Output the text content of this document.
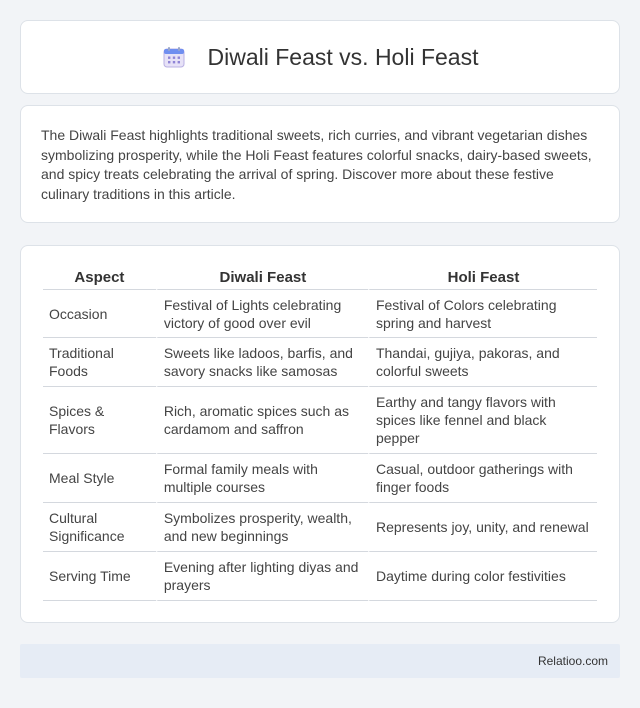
Diwali Feast vs. Holi Feast

The Diwali Feast highlights traditional sweets, rich curries, and vibrant vegetarian dishes symbolizing prosperity, while the Holi Feast features colorful snacks, dairy-based sweets, and spicy treats celebrating the arrival of spring. Discover more about these festive culinary traditions in this article.

Aspect	Diwali Feast	Holi Feast
Occasion	Festival of Lights celebrating victory of good over evil	Festival of Colors celebrating spring and harvest
Traditional Foods	Sweets like ladoos, barfis, and savory snacks like samosas	Thandai, gujiya, pakoras, and colorful sweets
Spices & Flavors	Rich, aromatic spices such as cardamom and saffron	Earthy and tangy flavors with spices like fennel and black pepper
Meal Style	Formal family meals with multiple courses	Casual, outdoor gatherings with finger foods
Cultural Significance	Symbolizes prosperity, wealth, and new beginnings	Represents joy, unity, and renewal
Serving Time	Evening after lighting diyas and prayers	Daytime during color festivities
Relatioo.com
